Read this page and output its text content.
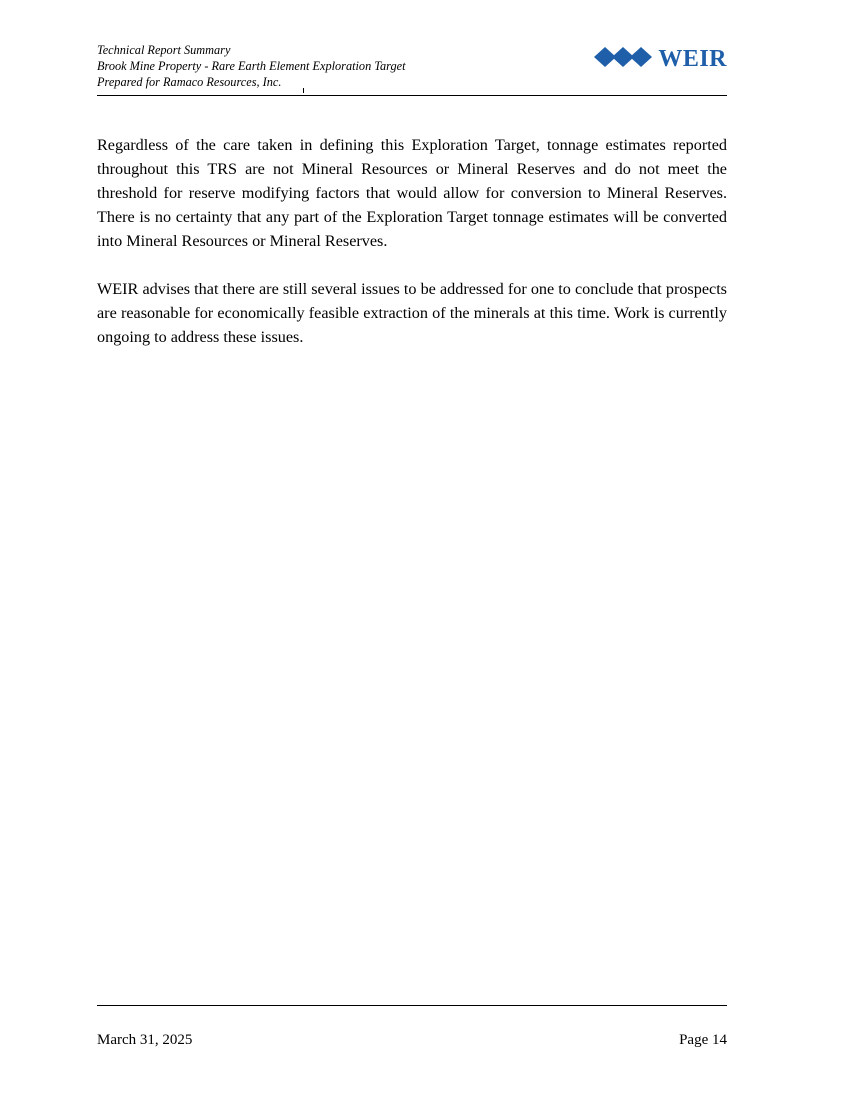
Technical Report Summary
Brook Mine Property - Rare Earth Element Exploration Target
Prepared for Ramaco Resources, Inc.
WEIR

Regardless of the care taken in defining this Exploration Target, tonnage estimates reported throughout this TRS are not Mineral Resources or Mineral Reserves and do not meet the threshold for reserve modifying factors that would allow for conversion to Mineral Reserves. There is no certainty that any part of the Exploration Target tonnage estimates will be converted into Mineral Resources or Mineral Reserves.

WEIR advises that there are still several issues to be addressed for one to conclude that prospects are reasonable for economically feasible extraction of the minerals at this time. Work is currently ongoing to address these issues.

March 31, 2025	Page 14
